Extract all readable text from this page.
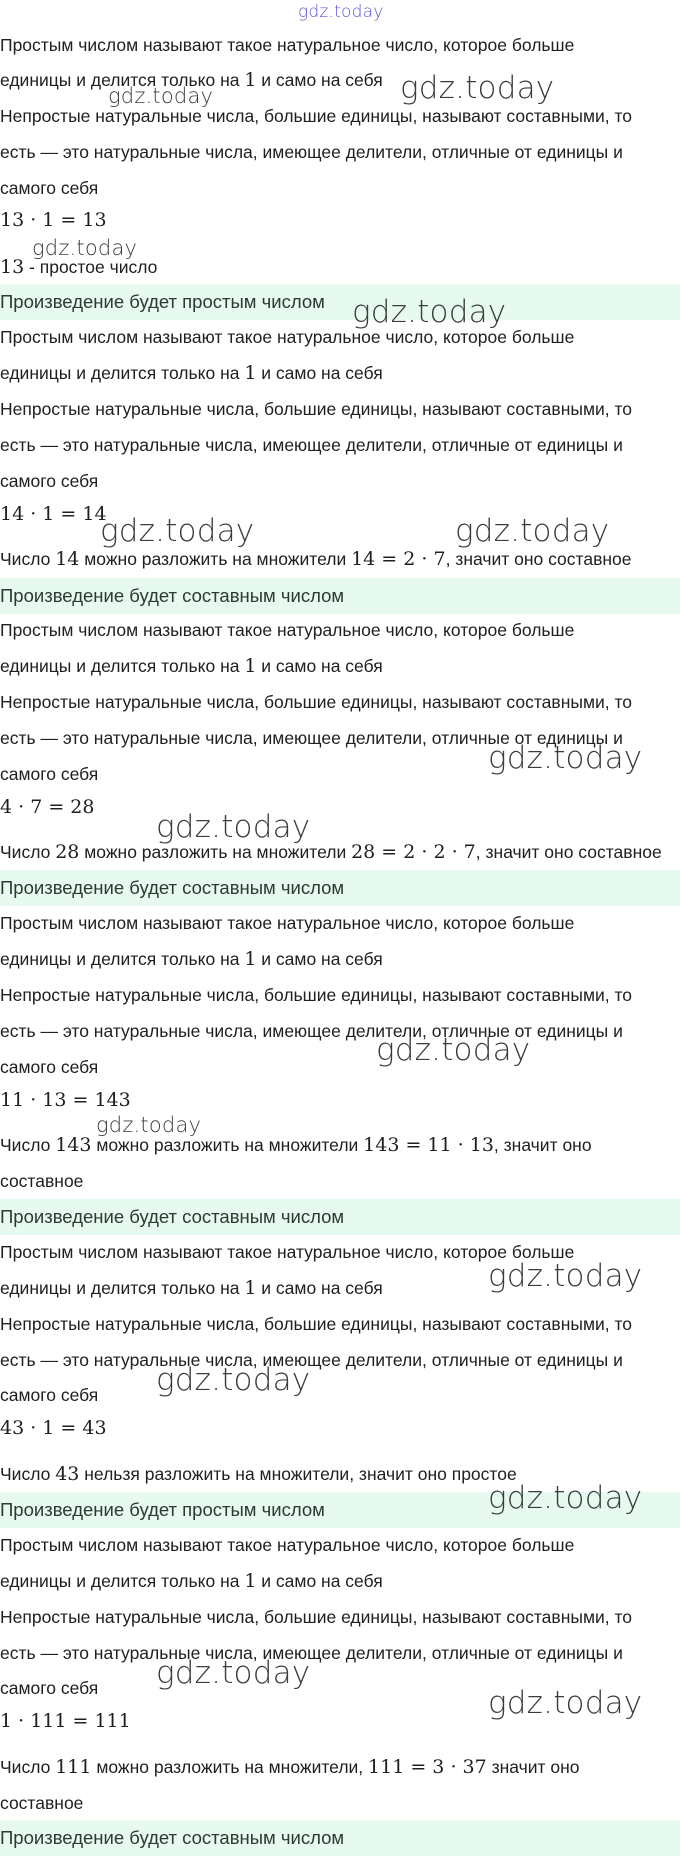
gdz.today
Простым числом называют такое натуральное число, которое больше
единицы и делится только на 1 и само на себя
Непростые натуральные числа, большие единицы, называют составными, то
есть — это натуральные числа, имеющее делители, отличные от единицы и
самого себя
13 · 1 = 13
13 - простое число
Произведение будет простым числом
Простым числом называют такое натуральное число, которое больше
единицы и делится только на 1 и само на себя
Непростые натуральные числа, большие единицы, называют составными, то
есть — это натуральные числа, имеющее делители, отличные от единицы и
самого себя
14 · 1 = 14
Число 14 можно разложить на множители 14 = 2 · 7, значит оно составное
Произведение будет составным числом
Простым числом называют такое натуральное число, которое больше
единицы и делится только на 1 и само на себя
Непростые натуральные числа, большие единицы, называют составными, то
есть — это натуральные числа, имеющее делители, отличные от единицы и
самого себя
4 · 7 = 28
Число 28 можно разложить на множители 28 = 2 · 2 · 7, значит оно составное
Произведение будет составным числом
Простым числом называют такое натуральное число, которое больше
единицы и делится только на 1 и само на себя
Непростые натуральные числа, большие единицы, называют составными, то
есть — это натуральные числа, имеющее делители, отличные от единицы и
самого себя
11 · 13 = 143
Число 143 можно разложить на множители 143 = 11 · 13, значит оно
составное
Произведение будет составным числом
Простым числом называют такое натуральное число, которое больше
единицы и делится только на 1 и само на себя
Непростые натуральные числа, большие единицы, называют составными, то
есть — это натуральные числа, имеющее делители, отличные от единицы и
самого себя
43 · 1 = 43
Число 43 нельзя разложить на множители, значит оно простое
Произведение будет простым числом
Простым числом называют такое натуральное число, которое больше
единицы и делится только на 1 и само на себя
Непростые натуральные числа, большие единицы, называют составными, то
есть — это натуральные числа, имеющее делители, отличные от единицы и
самого себя
1 · 111 = 111
Число 111 можно разложить на множители, 111 = 3 · 37 значит оно
составное
Произведение будет составным числом
gdz.today	gdz.today
gdz.today
gdz.today
gdz.today	gdz.today
gdz.today
gdz.today
gdz.today
gdz.today
gdz.today
gdz.today
gdz.today
gdz.today
gdz.today
